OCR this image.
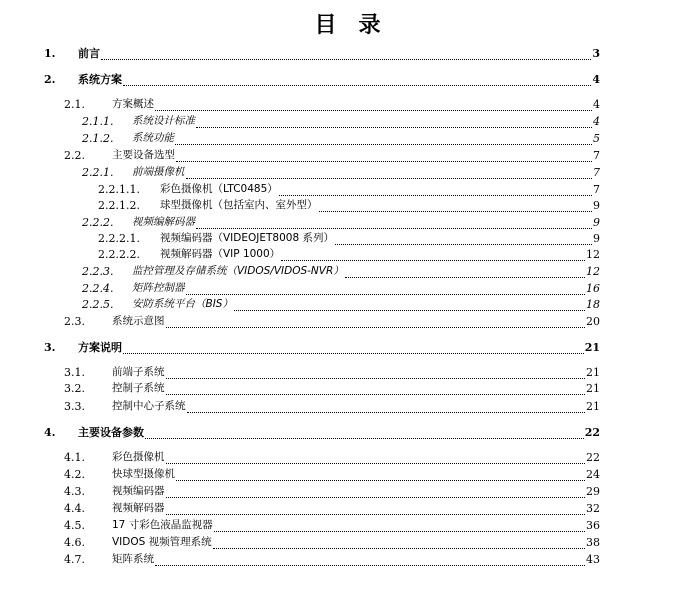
目 录
1. 前言	3
2. 系统方案	4
2.1.	方案概述	4
2.1.1. 系统设计标准	4
2.1.2. 系统功能	5
2.2.	主要设备选型	7
2.2.1. 前端摄像机	7
2.2.1.1. 彩色摄像机（LTC0485）	7
2.2.1.2. 球型摄像机（包括室内、室外型）	9
2.2.2. 视频编解码器	9
2.2.2.1. 视频编码器（VIDEOJET8008 系列）	9
2.2.2.2. 视频解码器（VIP 1000）	12
2.2.3. 监控管理及存储系统（VIDOS/VIDOS-NVR）	12
2.2.4. 矩阵控制器	16
2.2.5. 安防系统平台（BIS）	18
2.3.	系统示意图	20
3. 方案说明	21
3.1.	前端子系统	21
3.2.	控制子系统	21
3.3.	控制中心子系统	21
4. 主要设备参数	22
4.1.	彩色摄像机	22
4.2.	快球型摄像机	24
4.3.	视频编码器	29
4.4.	视频解码器	32
4.5.	17 寸彩色液晶监视器	36
4.6.	VIDOS 视频管理系统	38
4.7.	矩阵系统	43
